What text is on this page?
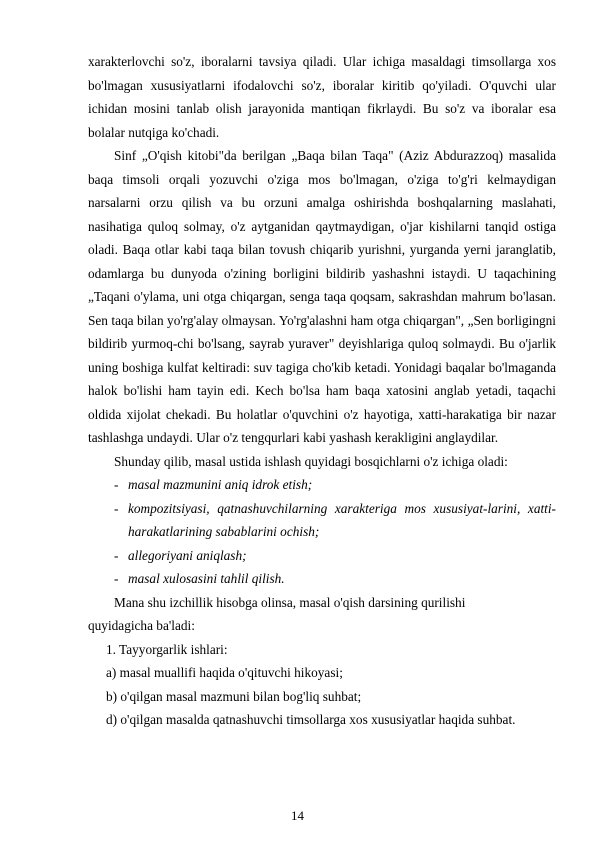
xarakterlovchi so'z, iboralarni tavsiya qiladi. Ular ichiga masaldagi timsollarga xos bo'lmagan xususiyatlarni ifodalovchi so'z, iboralar kiritib qo'yiladi. O'quvchi ular ichidan mosini tanlab olish jarayonida mantiqan fikrlaydi. Bu so'z va iboralar esa bolalar nutqiga ko'chadi.

Sinf „O'qish kitobi"da berilgan „Baqa bilan Taqa" (Aziz Abdurazzoq) masalida baqa timsoli orqali yozuvchi o'ziga mos bo'lmagan, o'ziga to'g'ri kelmaydigan narsalarni orzu qilish va bu orzuni amalga oshirishda boshqalarning maslahati, nasihatiga quloq solmay, o'z aytganidan qaytmaydigan, o'jar kishilarni tanqid ostiga oladi. Baqa otlar kabi taqa bilan tovush chiqarib yurishni, yurganda yerni jaranglatib, odamlarga bu dunyoda o'zining borligini bildirib yashashni istaydi. U taqachining „Taqani o'ylama, uni otga chiqargan, senga taqa qoqsam, sakrashdan mahrum bo'lasan. Sen taqa bilan yo'rg'alay olmaysan. Yo'rg'alashni ham otga chiqargan", „Sen borligingni bildirib yurmoq-chi bo'lsang, sayrab yuraver" deyishlariga quloq solmaydi. Bu o'jarlik uning boshiga kulfat keltiradi: suv tagiga cho'kib ketadi. Yonidagi baqalar bo'lmaganda halok bo'lishi ham tayin edi. Kech bo'lsa ham baqa xatosini anglab yetadi, taqachi oldida xijolat chekadi. Bu holatlar o'quvchini o'z hayotiga, xatti-harakatiga bir nazar tashlashga undaydi. Ular o'z tengqurlari kabi yashash kerakligini anglaydilar.

Shunday qilib, masal ustida ishlash quyidagi bosqichlarni o'z ichiga oladi:

- masal mazmunini aniq idrok etish;
- kompozitsiyasi, qatnashuvchilarning xarakteriga mos xususiyat-larini, xatti- harakatlarining sabablarini ochish;
- allegoriyani aniqlash;
- masal xulosasini tahlil qilish.

Mana shu izchillik hisobga olinsa, masal o'qish darsining qurilishi

quyidagicha ba'ladi:

1. Tayyorgarlik ishlari:

a) masal muallifi haqida o'qituvchi hikoyasi;

b) o'qilgan masal mazmuni bilan bog'liq suhbat;

d) o'qilgan masalda qatnashuvchi timsollarga xos xususiyatlar haqida suhbat.

14
